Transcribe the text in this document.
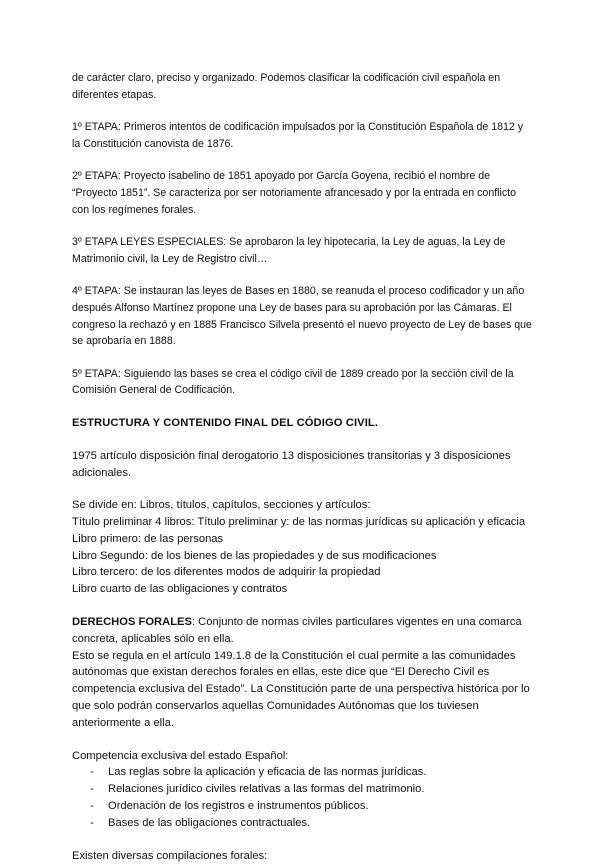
de carácter claro, preciso y organizado. Podemos clasificar la codificación civil española en diferentes etapas.

1º ETAPA: Primeros intentos de codificación impulsados por la Constitución Española de 1812 y la Constitución canovista de 1876.

2º ETAPA: Proyecto isabelino de 1851 apoyado por García Goyena, recibió el nombre de “Proyecto 1851”. Se caracteriza por ser notoriamente afrancesado y por la entrada en conflicto con los regímenes forales.

3º ETAPA LEYES ESPECIALES: Se aprobaron la ley hipotecaria, la Ley de aguas, la Ley de Matrimonio civil, la Ley de Registro civil…

4º ETAPA: Se instauran las leyes de Bases en 1880, se reanuda el proceso codificador y un año después Alfonso Martínez propone una Ley de bases para su aprobación por las Cámaras. El congreso la rechazó y en 1885 Francisco Silvela presentó el nuevo proyecto de Ley de bases que se aprobaría en 1888.

5º ETAPA: Siguiendo las bases se crea el código civil de 1889 creado por la sección civil de la Comisión General de Codificación.

ESTRUCTURA Y CONTENIDO FINAL DEL CÓDIGO CIVIL.

1975 artículo disposición final derogatorio 13 disposiciones transitorias y 3 disposiciones adicionales.

Se divide en: Libros, títulos, capítulos, secciones y artículos:

Título preliminar 4 libros: Título preliminar y: de las normas jurídicas su aplicación y eficacia

Libro primero: de las personas

Libro Segundo: de los bienes de las propiedades y de sus modificaciones

Libro tercero: de los diferentes modos de adquirir la propiedad

Libro cuarto de las obligaciones y contratos

DERECHOS FORALES: Conjunto de normas civiles particulares vigentes en una comarca concreta, aplicables sólo en ella.

Esto se regula en el artículo 149.1.8 de la Constitución el cual permite a las comunidades autónomas que existan derechos forales en ellas, este dice que “El Derecho Civil es competencia exclusiva del Estado”. La Constitución parte de una perspectiva histórica por lo que solo podrán conservarlos aquellas Comunidades Autónomas que los tuviesen anteriormente a ella.

Competencia exclusiva del estado Español:

- Las reglas sobre la aplicación y eficacia de las normas jurídicas.
- Relaciones jurídico civiles relativas a las formas del matrimonio.
- Ordenación de los registros e instrumentos públicos.
- Bases de las obligaciones contractuales.

Existen diversas compilaciones forales:
